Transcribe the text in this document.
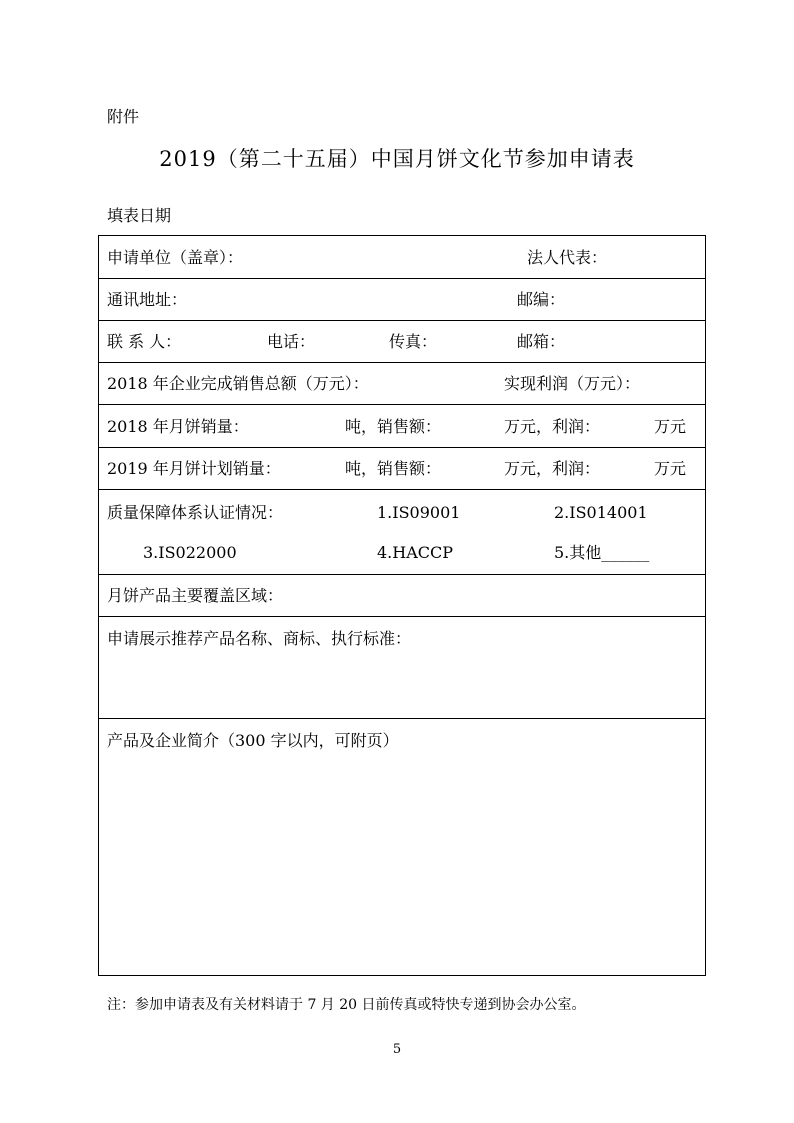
附件
2019（第二十五届）中国月饼文化节参加申请表
填表日期
申请单位（盖章）：	法人代表：
通讯地址：	邮编：
联 系 人：	电话：	传真：	邮箱：
2018 年企业完成销售总额（万元）：	实现利润（万元）：
2018 年月饼销量：	吨，销售额：	万元，利润：	万元
2019 年月饼计划销量：	吨，销售额：	万元，利润：	万元
质量保障体系认证情况：	1.IS09001	2.IS014001
3.IS022000	4.HACCP	5.其他______
月饼产品主要覆盖区域：
申请展示推荐产品名称、商标、执行标准：
产品及企业简介（300 字以内，可附页）
注：参加申请表及有关材料请于 7 月 20 日前传真或特快专递到协会办公室。
5
